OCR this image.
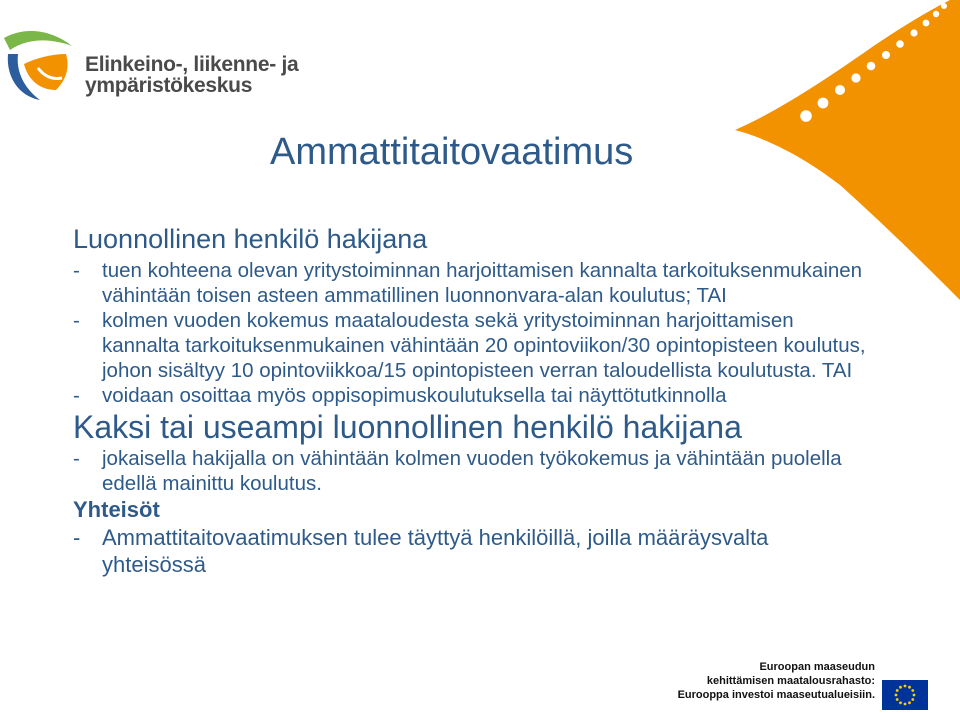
Elinkeino-, liikenne- ja
ympäristökeskus
Ammattitaitovaatimus
Luonnollinen henkilö hakijana
- tuen kohteena olevan yritystoiminnan harjoittamisen kannalta tarkoituksenmukainen vähintään toisen asteen ammatillinen luonnonvara-alan koulutus; TAI
- kolmen vuoden kokemus maataloudesta sekä yritystoiminnan harjoittamisen kannalta tarkoituksenmukainen vähintään 20 opintoviikon/30 opintopisteen koulutus, johon sisältyy 10 opintoviikkoa/15 opintopisteen verran taloudellista koulutusta. TAI
- voidaan osoittaa myös oppisopimuskoulutuksella tai näyttötutkinnolla
Kaksi tai useampi luonnollinen henkilö hakijana
- jokaisella hakijalla on vähintään kolmen vuoden työkokemus ja vähintään puolella edellä mainittu koulutus.
Yhteisöt
- Ammattitaitovaatimuksen tulee täyttyä henkilöillä, joilla määräysvalta yhteisössä
Euroopan maaseudun
kehittämisen maatalousrahasto:
Eurooppa investoi maaseutualueisiin.
